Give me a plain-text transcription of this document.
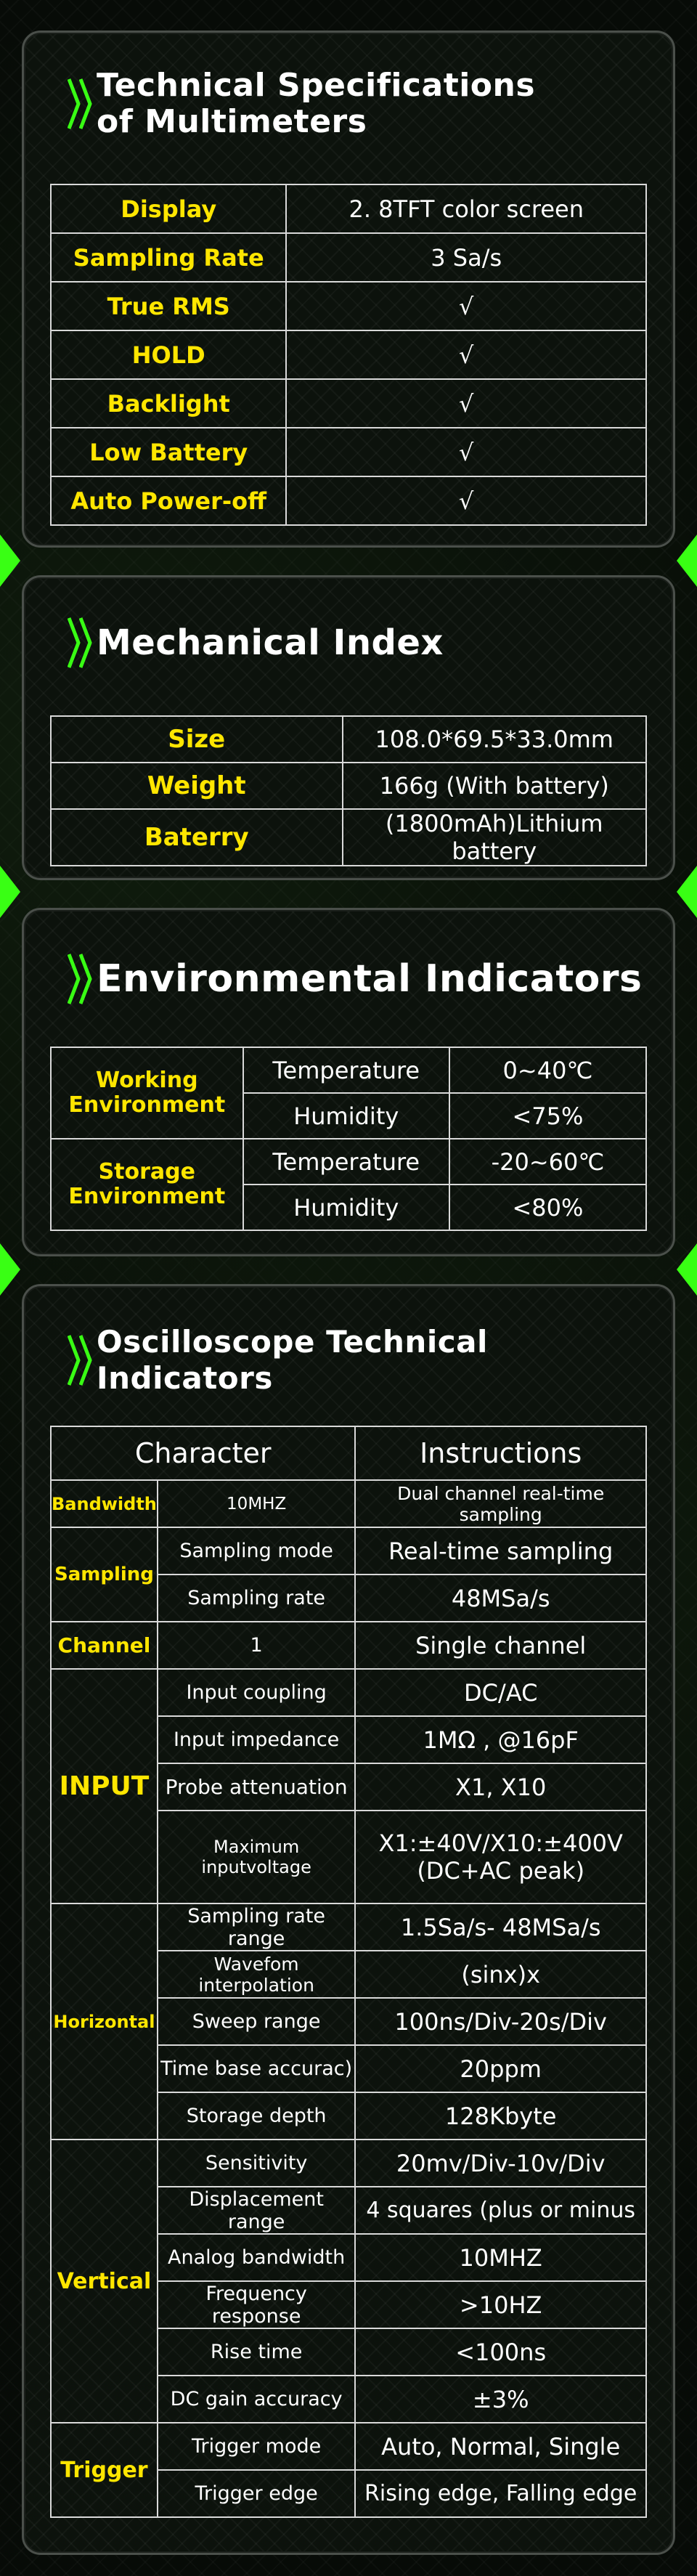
Technical Specifications
of Multimeters
Display	2. 8TFT color screen
Sampling Rate	3 Sa/s
True RMS	√
HOLD	√
Backlight	√
Low Battery	√
Auto Power-off	√
Mechanical Index
Size	108.0*69.5*33.0mm
Weight	166g (With battery)
Baterry	(1800mAh)Lithium battery
Environmental Indicators
Working Environment	Temperature	0~40℃
	Humidity	<75%
Storage Environment	Temperature	-20~60℃
	Humidity	<80%
Oscilloscope Technical Indicators
Character		Instructions
Bandwidth	10MHZ	Dual channel real-time sampling
Sampling	Sampling mode	Real-time sampling
	Sampling rate	48MSa/s
Channel	1	Single channel
INPUT	Input coupling	DC/AC
	Input impedance	1MΩ , @16pF
	Probe attenuation	X1, X10
	Maximum inputvoltage	X1:±40V/X10:±400V
(DC+AC peak)

Horizontal	Sampling rate range	1.5Sa/s- 48MSa/s
	Wavefom interpolation	(sinx)x
	Sweep range	100ns/Div-20s/Div
	Time base accurac)	20ppm
	Storage depth	128Kbyte
Vertical	Sensitivity	20mv/Div-10v/Div
	Displacement range	4 squares (plus or minus
	Analog bandwidth	10MHZ
	Frequency response	>10HZ
	Rise time	<100ns
	DC gain accuracy	±3%
Trigger	Trigger mode	Auto, Normal, Single
	Trigger edge	Rising edge, Falling edge
